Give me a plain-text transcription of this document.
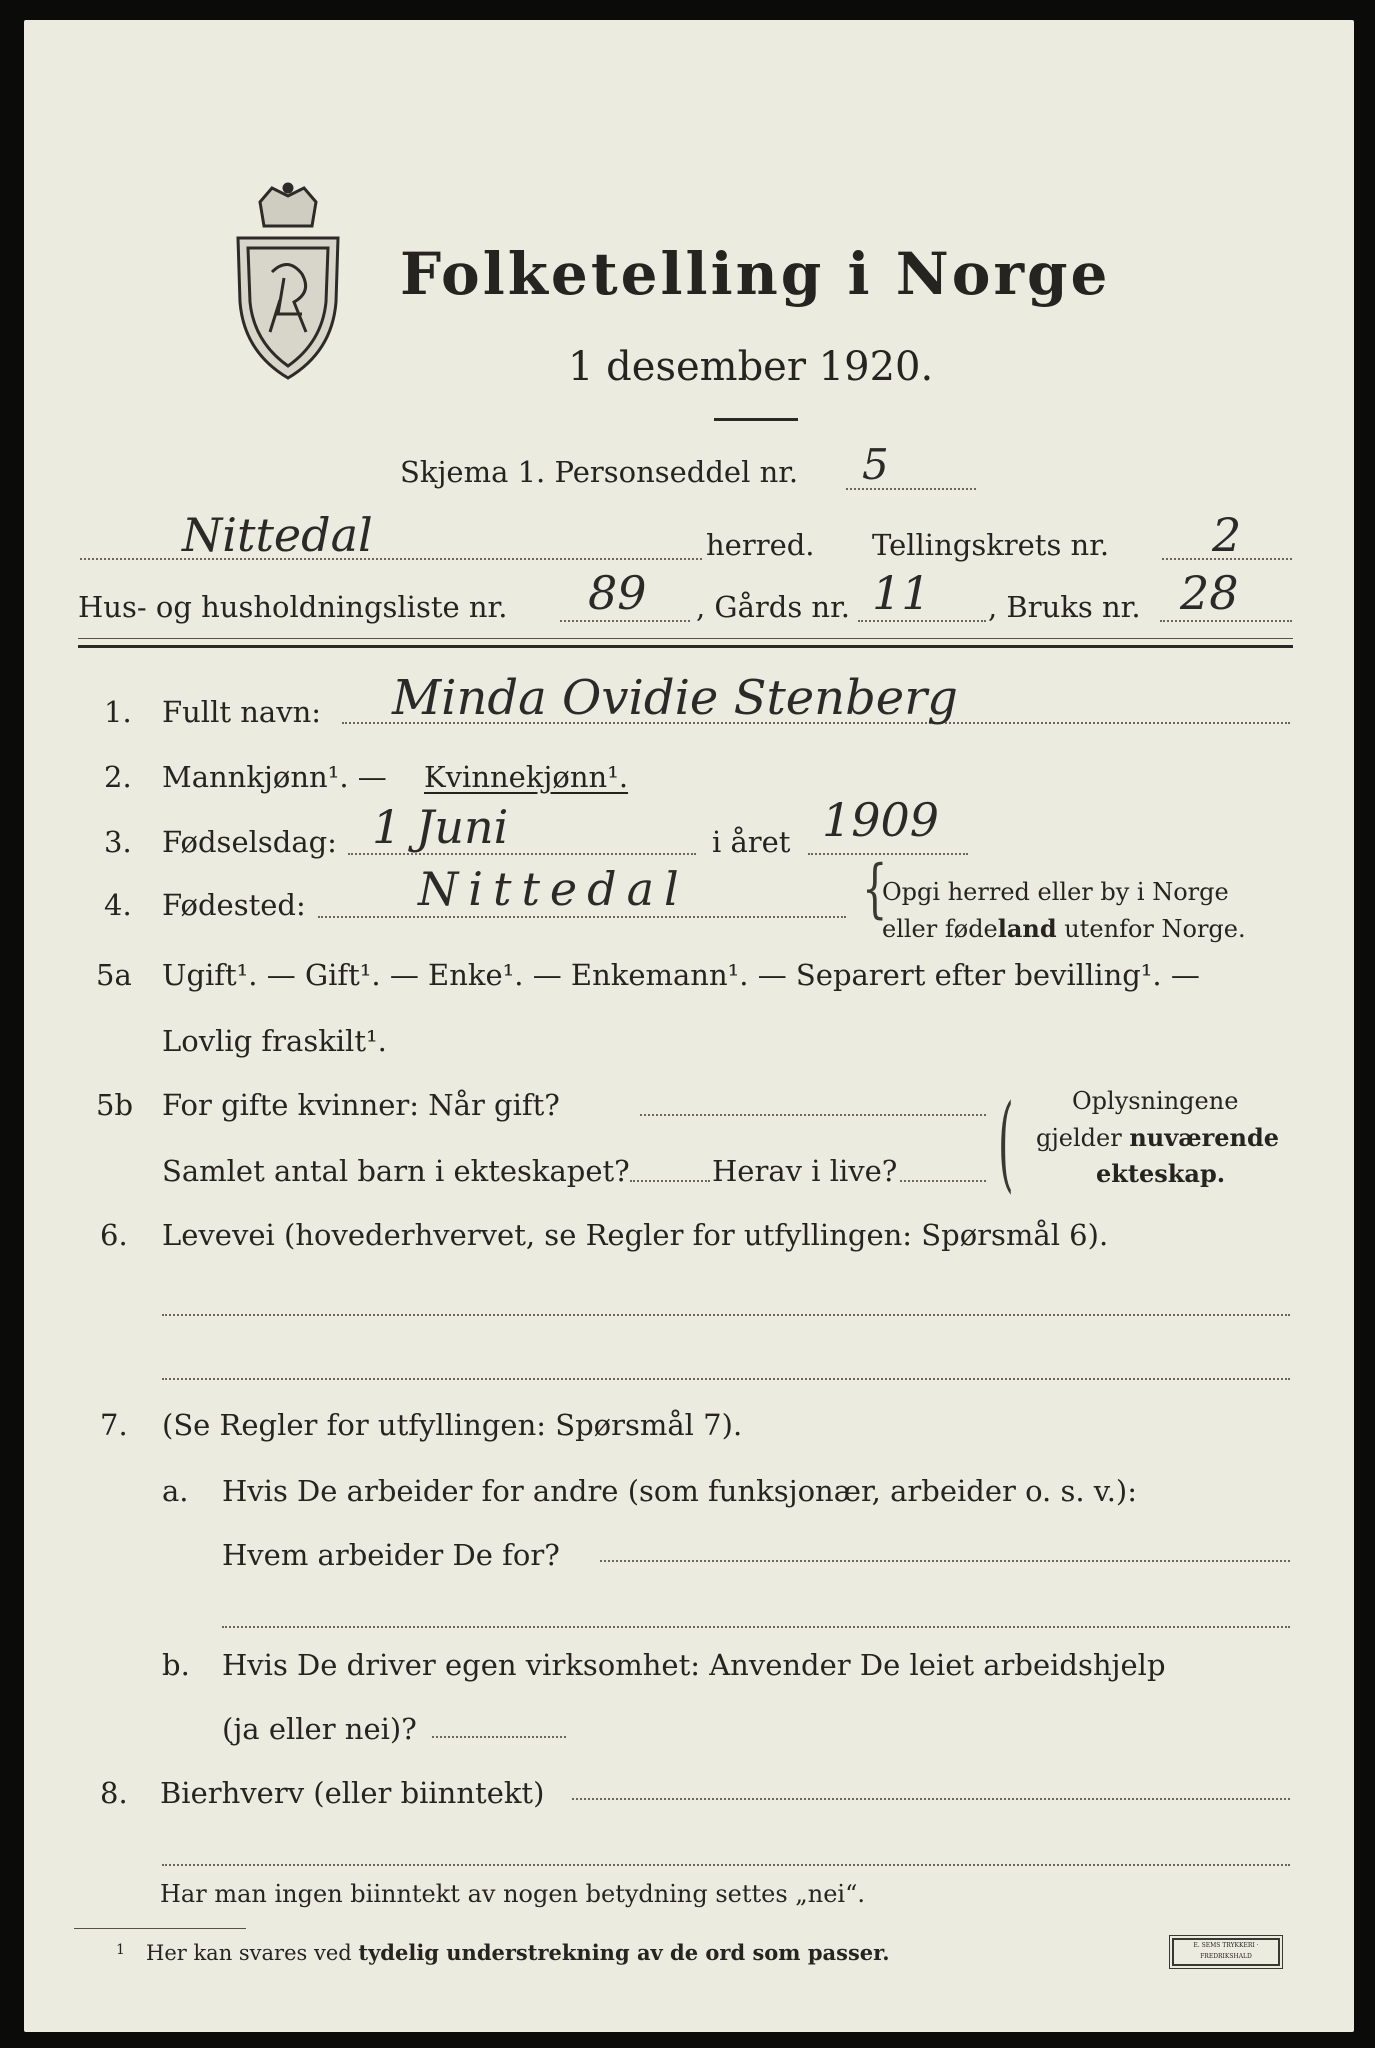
Folketelling i Norge
1 desember 1920.
Skjema 1. Personseddel nr. 5
Nittedal	herred. Tellingskrets nr. 2
Hus- og husholdningsliste nr. 89 , Gårds nr. 11 , Bruks nr. 28
1. Fullt navn: Minda Ovidie Stenberg
2. Mannkjønn¹. — Kvinnekjønn¹.
3. Fødselsdag: 1 Juni	i året 1909
4. Fødested: Nittedal	{
Opgi herred eller by i Norge
eller fødeland utenfor Norge.
5a Ugift¹. — Gift¹. — Enke¹. — Enkemann¹. — Separert efter bevilling¹. —
Lovlig fraskilt¹.
5b For gifte kvinner: Når gift?
Samlet antal barn i ekteskapet?	Herav i live?	( Oplysningene
gjelder nuværende
ekteskap.
6. Levevei (hovederhvervet, se Regler for utfyllingen: Spørsmål 6).
7. (Se Regler for utfyllingen: Spørsmål 7).
a. Hvis De arbeider for andre (som funksjonær, arbeider o. s. v.):
Hvem arbeider De for?
b. Hvis De driver egen virksomhet: Anvender De leiet arbeidshjelp
(ja eller nei)?
8. Bierhverv (eller biinntekt)
Har man ingen biinntekt av nogen betydning settes „nei“.
1 Her kan svares ved tydelig understrekning av de ord som passer.	E. SEMS TRYKKERI · FREDRIKSHALD
